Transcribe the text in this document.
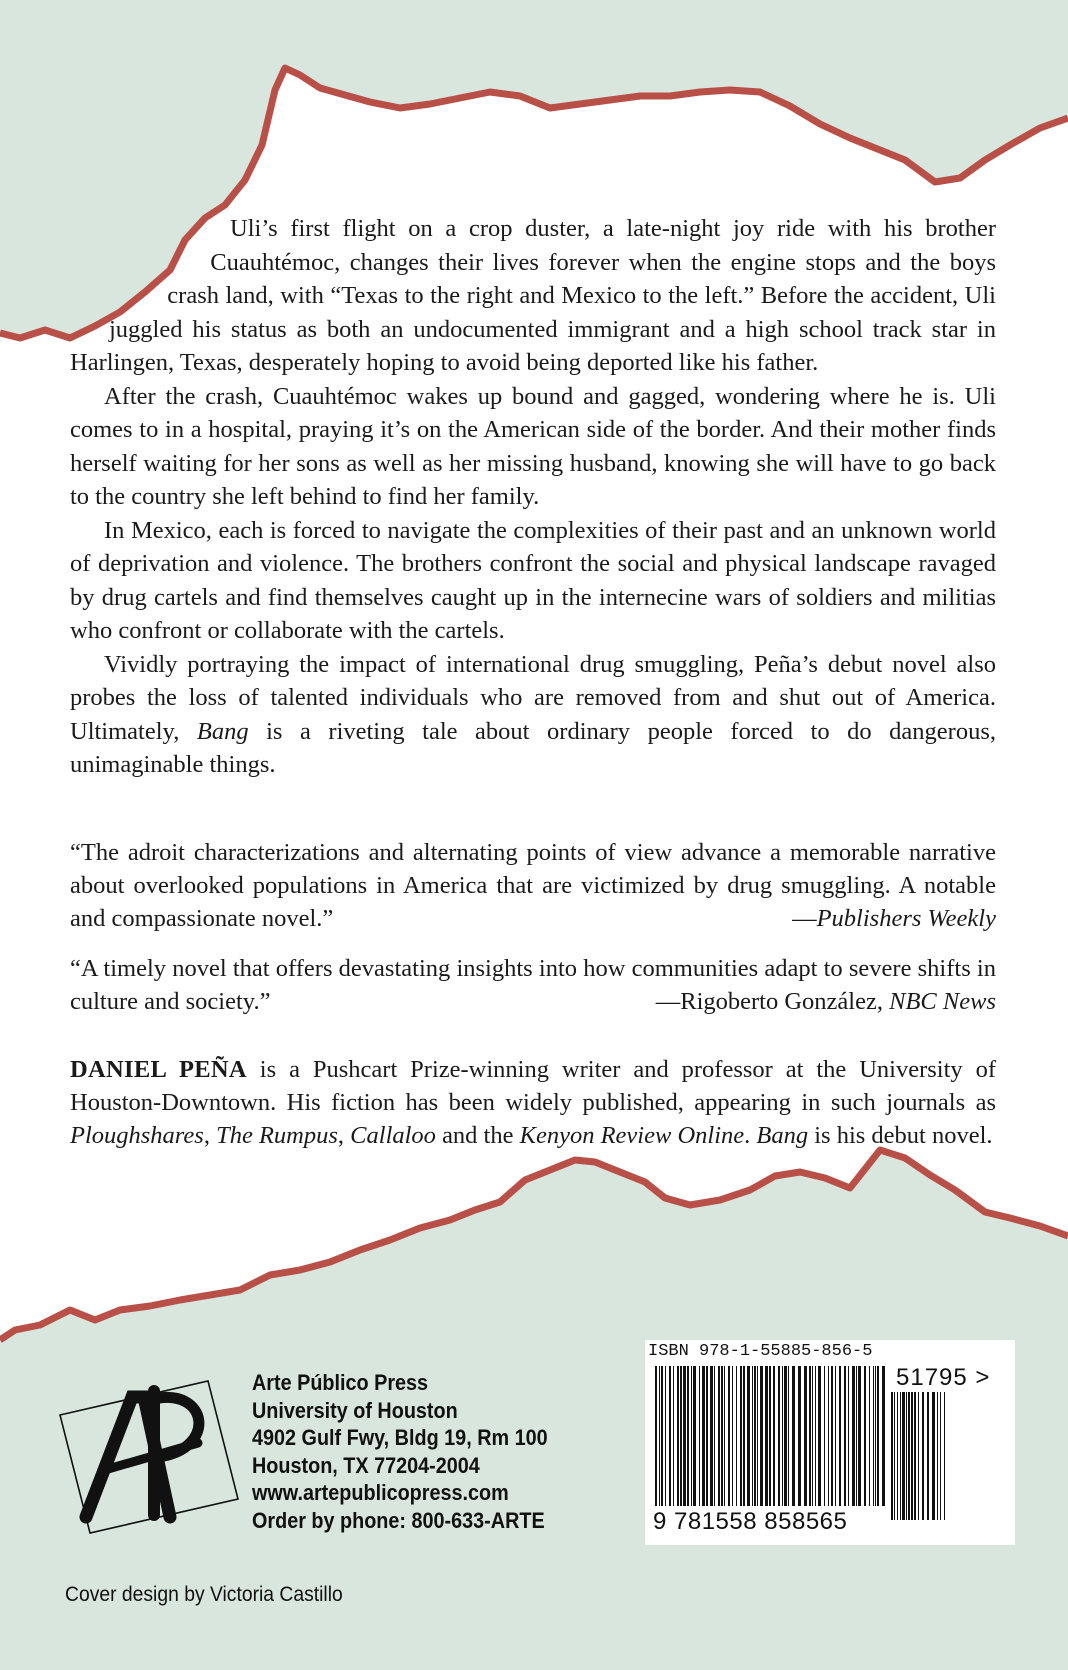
Uli’s first flight on a crop duster, a late-night joy ride with his brother Cuauhtémoc, changes their lives forever when the engine stops and the boys crash land, with “Texas to the right and Mexico to the left.” Before the accident, Uli juggled his status as both an undocumented immigrant and a high school track star in Harlingen, Texas, desperately hoping to avoid being deported like his father.

After the crash, Cuauhtémoc wakes up bound and gagged, wondering where he is. Uli comes to in a hospital, praying it’s on the American side of the border. And their mother finds herself waiting for her sons as well as her missing husband, knowing she will have to go back to the country she left behind to find her family.

In Mexico, each is forced to navigate the complexities of their past and an unknown world of deprivation and violence. The brothers confront the social and physical landscape ravaged by drug cartels and find themselves caught up in the internecine wars of soldiers and militias who confront or collaborate with the cartels.

Vividly portraying the impact of international drug smuggling, Peña’s debut novel also probes the loss of talented individuals who are removed from and shut out of America. Ultimately, Bang is a riveting tale about ordinary people forced to do dangerous, unimaginable things.

“The adroit characterizations and alternating points of view advance a memorable narrative about overlooked populations in America that are victimized by drug smuggling. A notable and compassionate novel.”	—Publishers Weekly
“A timely novel that offers devastating insights into how communities adapt to severe shifts in culture and society.”	—Rigoberto González, NBC News
DANIEL PEÑA is a Pushcart Prize-winning writer and professor at the University of Houston-Downtown. His fiction has been widely published, appearing in such journals as Ploughshares, The Rumpus, Callaloo and the Kenyon Review Online. Bang is his debut novel.
Arte Público Press
University of Houston
4902 Gulf Fwy, Bldg 19, Rm 100
Houston, TX 77204-2004
www.artepublicopress.com
Order by phone: 800-633-ARTE
ISBN 978-1-55885-856-5
9 781558 858565
51795 >
Cover design by Victoria Castillo
